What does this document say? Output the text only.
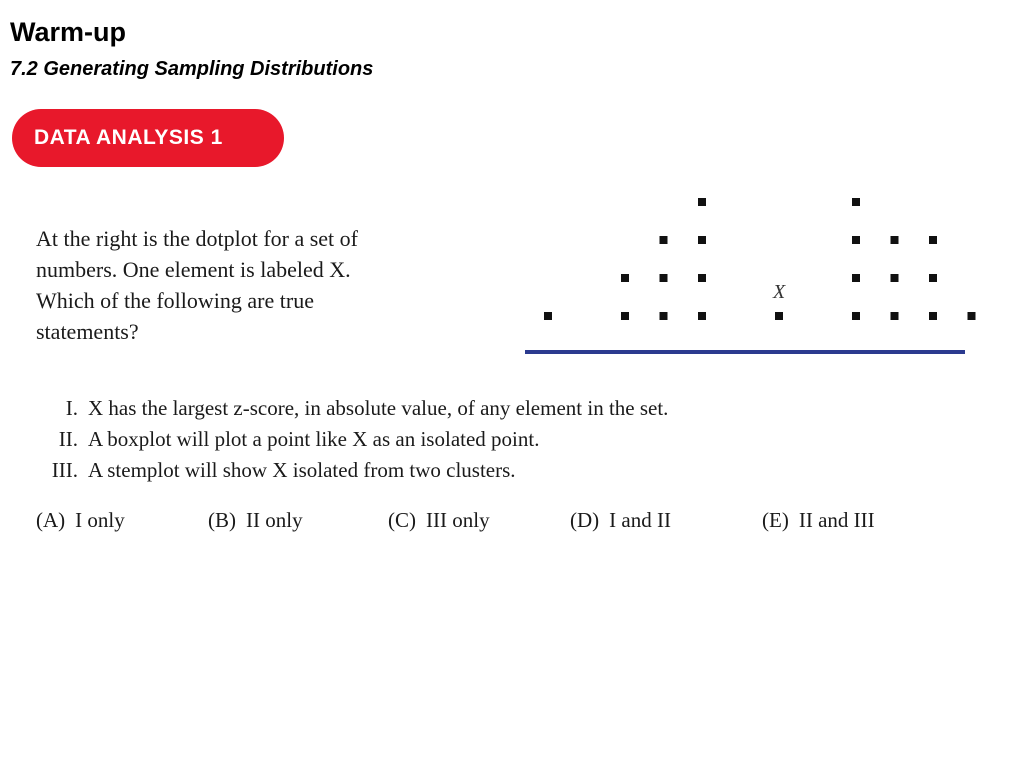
Warm-up
7.2 Generating Sampling Distributions
DATA ANALYSIS 1
At the right is the dotplot for a set of
numbers. One element is labeled X.
Which of the following are true
statements?
X
I. X has the largest z-score, in absolute value, of any element in the set.
II. A boxplot will plot a point like X as an isolated point.
III. A stemplot will show X isolated from two clusters.
(A) I only	(B) II only	(C) III only	(D) I and II	(E) II and III
